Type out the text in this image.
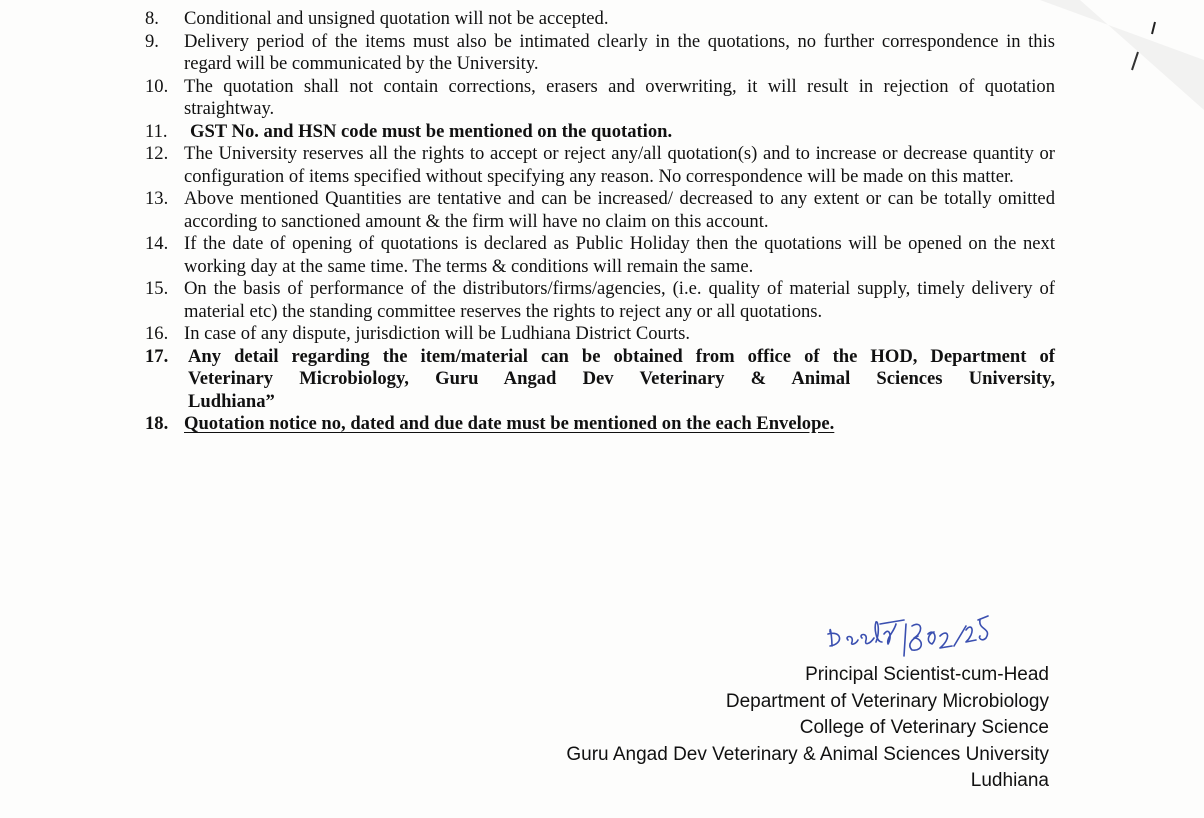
8.	Conditional and unsigned quotation will not be accepted.
9.	Delivery period of the items must also be intimated clearly in the quotations, no further correspondence in this regard will be communicated by the University.
10. The quotation shall not contain corrections, erasers and overwriting, it will result in rejection of quotation straightway.
11.	GST No. and HSN code must be mentioned on the quotation.
12. The University reserves all the rights to accept or reject any/all quotation(s) and to increase or decrease quantity or configuration of items specified without specifying any reason. No correspondence will be made on this matter.
13. Above mentioned Quantities are tentative and can be increased/ decreased to any extent or can be totally omitted according to sanctioned amount & the firm will have no claim on this account.
14. If the date of opening of quotations is declared as Public Holiday then the quotations will be opened on the next working day at the same time. The terms & conditions will remain the same.
15. On the basis of performance of the distributors/firms/agencies, (i.e. quality of material supply, timely delivery of material etc) the standing committee reserves the rights to reject any or all quotations.
16. In case of any dispute, jurisdiction will be Ludhiana District Courts.
17.	Any detail regarding the item/material can be obtained from office of the HOD, Department of
Veterinary Microbiology, Guru Angad Dev Veterinary & Animal Sciences University,
Ludhiana”
18. Quotation notice no, dated and due date must be mentioned on the each Envelope.
Principal Scientist-cum-Head
Department of Veterinary Microbiology
College of Veterinary Science
Guru Angad Dev Veterinary & Animal Sciences University
Ludhiana
